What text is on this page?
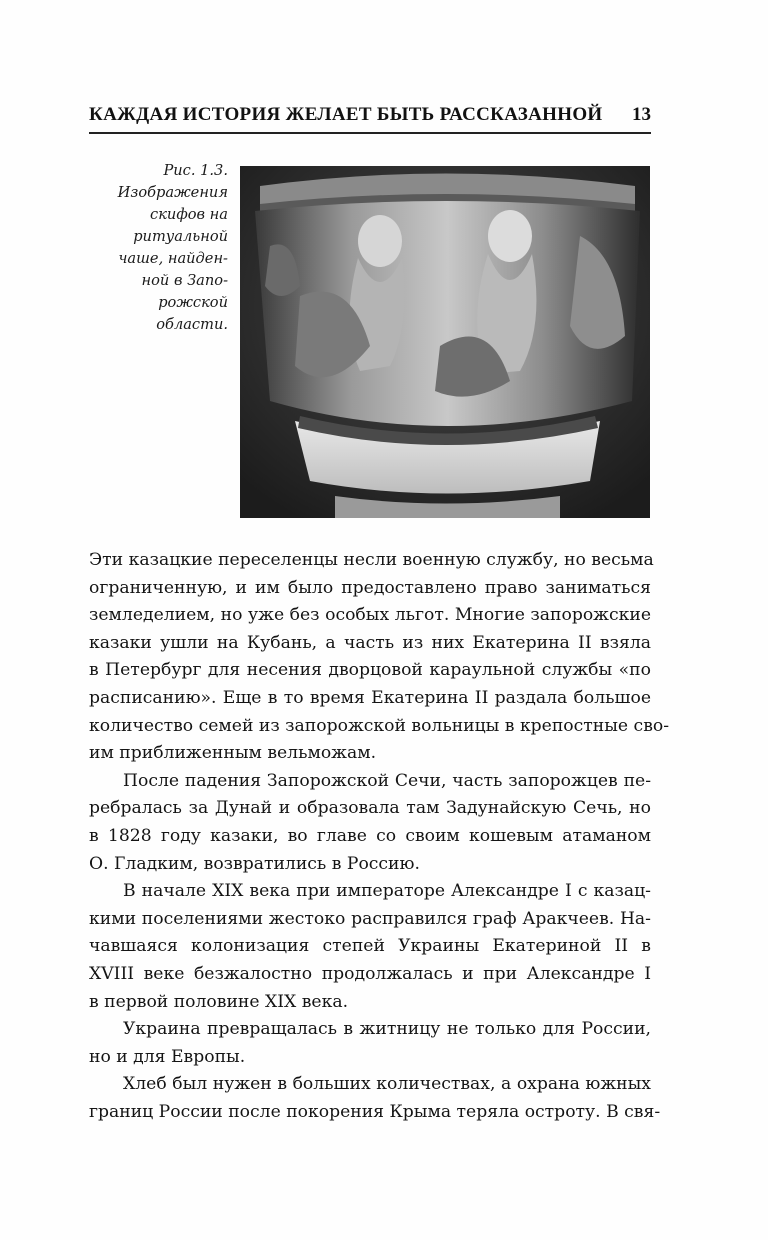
КАЖДАЯ ИСТОРИЯ ЖЕЛАЕТ БЫТЬ РАССКАЗАННОЙ 13
Рис. 1.3.
Изображения
скифов на
ритуальной
чаше, найден-
ной в Запо-
рожской
области.
Эти казацкие переселенцы несли военную службу, но весьма
ограниченную, и им было предоставлено право заниматься
земледелием, но уже без особых льгот. Многие запорожские
казаки ушли на Кубань, а часть из них Екатерина II взяла
в Петербург для несения дворцовой караульной службы «по
расписанию». Еще в то время Екатерина II раздала большое
количество семей из запорожской вольницы в крепостные сво-
им приближенным вельможам.
После падения Запорожской Сечи, часть запорожцев пе-
ребралась за Дунай и образовала там Задунайскую Сечь, но
в 1828 году казаки, во главе со своим кошевым атаманом
О. Гладким, возвратились в Россию.
В начале XIX века при императоре Александре I с казац-
кими поселениями жестоко расправился граф Аракчеев. На-
чавшаяся колонизация степей Украины Екатериной II в
XVIII веке безжалостно продолжалась и при Александре I
в первой половине XIX века.
Украина превращалась в житницу не только для России,
но и для Европы.
Хлеб был нужен в больших количествах, а охрана южных
границ России после покорения Крыма теряла остроту. В свя-
